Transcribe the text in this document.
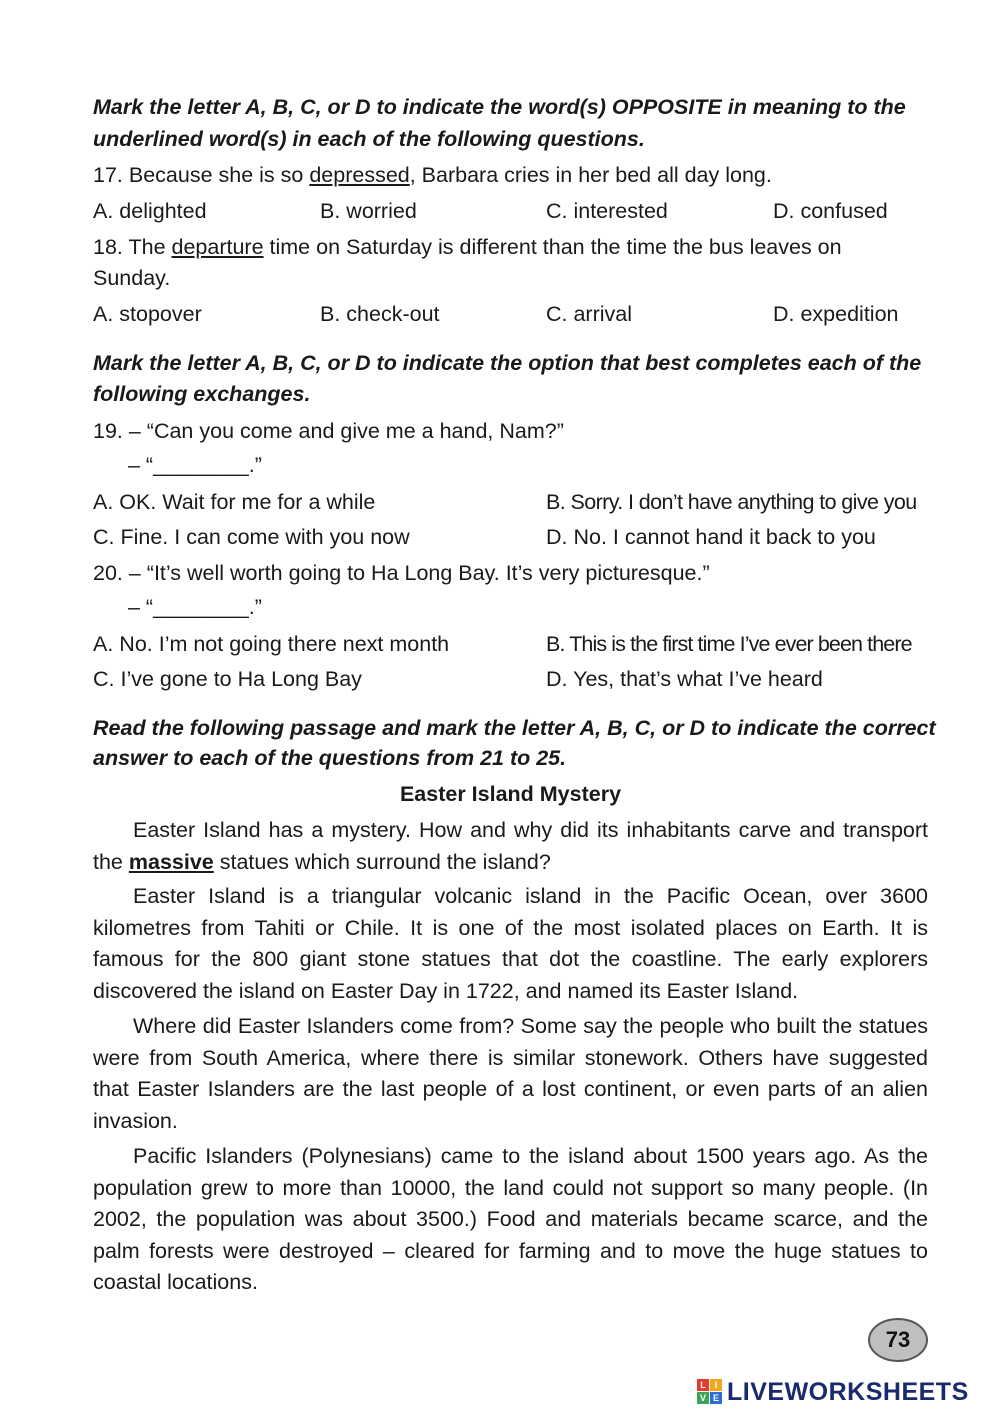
Mark the letter A, B, C, or D to indicate the word(s) OPPOSITE in meaning to the
underlined word(s) in each of the following questions.
17. Because she is so depressed, Barbara cries in her bed all day long.
A. delighted	B. worried	C. interested	D. confused
18. The departure time on Saturday is different than the time the bus leaves on
Sunday.
A. stopover	B. check-out	C. arrival	D. expedition
Mark the letter A, B, C, or D to indicate the option that best completes each of the
following exchanges.
19. – “Can you come and give me a hand, Nam?”
– “________.”
A. OK. Wait for me for a while	B. Sorry. I don’t have anything to give you
C. Fine. I can come with you now	D. No. I cannot hand it back to you
20. – “It’s well worth going to Ha Long Bay. It’s very picturesque.”
– “________.”
A. No. I’m not going there next month	B. This is the first time I’ve ever been there
C. I’ve gone to Ha Long Bay	D. Yes, that’s what I’ve heard
Read the following passage and mark the letter A, B, C, or D to indicate the correct
answer to each of the questions from 21 to 25.
Easter Island Mystery
Easter Island has a mystery. How and why did its inhabitants carve and transport the massive statues which surround the island?
Easter Island is a triangular volcanic island in the Pacific Ocean, over 3600 kilometres from Tahiti or Chile. It is one of the most isolated places on Earth. It is famous for the 800 giant stone statues that dot the coastline. The early explorers discovered the island on Easter Day in 1722, and named its Easter Island.
Where did Easter Islanders come from? Some say the people who built the statues were from South America, where there is similar stonework. Others have suggested that Easter Islanders are the last people of a lost continent, or even parts of an alien invasion.
Pacific Islanders (Polynesians) came to the island about 1500 years ago. As the population grew to more than 10000, the land could not support so many people. (In 2002, the population was about 3500.) Food and materials became scarce, and the palm forests were destroyed – cleared for farming and to move the huge statues to coastal locations.
73
L I
V E LIVEWORKSHEETS
